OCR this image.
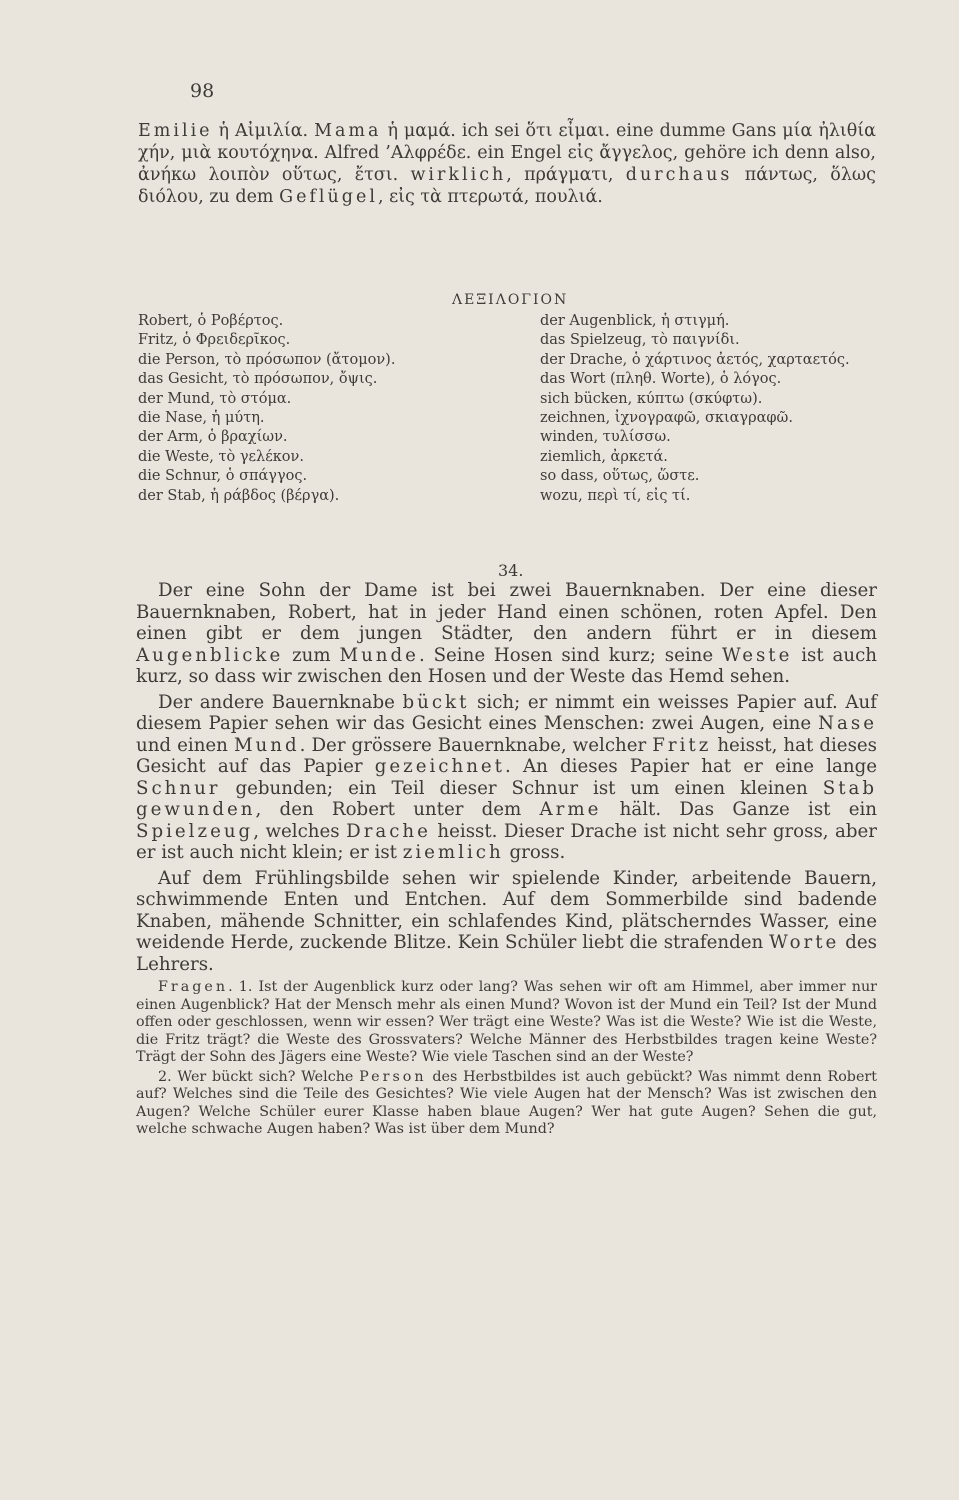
98

Emilie ἡ Αἰμιλία. Mama ἡ μαμά. ich sei ὅτι εἶμαι. eine dumme Gans μία ἠλιθία χήν, μιὰ κουτόχηνα. Alfred ’Αλφρέδε. ein Engel εἰς ἄγγελος, gehöre ich denn also, ἀνήκω λοιπὸν οὕτως, ἔτσι. wirklich, πράγματι, durchaus πάντως, ὅλως διόλου, zu dem Geflügel, εἰς τὰ πτερωτά, πουλιά.

ΛΕΞΙΛΟΓΙΟΝ
Robert, ὁ Ροβέρτος.
Fritz, ὁ Φρειδερῖκος.
die Person, τὸ πρόσωπον (ἄτομον).
das Gesicht, τὸ πρόσωπον, ὄψις.
der Mund, τὸ στόμα.
die Nase, ἡ μύτη.
der Arm, ὁ βραχίων.
die Weste, τὸ γελέκον.
die Schnur, ὁ σπάγγος.
der Stab, ἡ ράβδος (βέργα).
der Augenblick, ἡ στιγμή.
das Spielzeug, τὸ παιγνίδι.
der Drache, ὁ χάρτινος ἀετός, χαρταετός.
das Wort (πληθ. Worte), ὁ λόγος.
sich bücken, κύπτω (σκύφτω).
zeichnen, ἰχνογραφῶ, σκιαγραφῶ.
winden, τυλίσσω.
ziemlich, ἀρκετά.
so dass, οὕτως, ὥστε.
wozu, περὶ τί, εἰς τί.
34.

Der eine Sohn der Dame ist bei zwei Bauernknaben. Der eine dieser Bauernknaben, Robert, hat in jeder Hand einen schönen, roten Apfel. Den einen gibt er dem jungen Städter, den andern führt er in diesem Augenblicke zum Munde. Seine Hosen sind kurz; seine Weste ist auch kurz, so dass wir zwischen den Hosen und der Weste das Hemd sehen.

Der andere Bauernknabe bückt sich; er nimmt ein weisses Papier auf. Auf diesem Papier sehen wir das Gesicht eines Menschen: zwei Augen, eine Nase und einen Mund. Der grössere Bauernknabe, welcher Fritz heisst, hat dieses Gesicht auf das Papier gezeichnet. An dieses Papier hat er eine lange Schnur gebunden; ein Teil dieser Schnur ist um einen kleinen Stab gewunden, den Robert unter dem Arme hält. Das Ganze ist ein Spielzeug, welches Drache heisst. Dieser Drache ist nicht sehr gross, aber er ist auch nicht klein; er ist ziemlich gross.

Auf dem Frühlingsbilde sehen wir spielende Kinder, arbeitende Bauern, schwimmende Enten und Entchen. Auf dem Sommerbilde sind badende Knaben, mähende Schnitter, ein schlafendes Kind, plätscherndes Wasser, eine weidende Herde, zuckende Blitze. Kein Schüler liebt die strafenden Worte des Lehrers.

Fragen. 1. Ist der Augenblick kurz oder lang? Was sehen wir oft am Himmel, aber immer nur einen Augenblick? Hat der Mensch mehr als einen Mund? Wovon ist der Mund ein Teil? Ist der Mund offen oder geschlossen, wenn wir essen? Wer trägt eine Weste? Was ist die Weste? Wie ist die Weste, die Fritz trägt? die Weste des Grossvaters? Welche Männer des Herbstbildes tragen keine Weste? Trägt der Sohn des Jägers eine Weste? Wie viele Taschen sind an der Weste?

2. Wer bückt sich? Welche Person des Herbstbildes ist auch gebückt? Was nimmt denn Robert auf? Welches sind die Teile des Gesichtes? Wie viele Augen hat der Mensch? Was ist zwischen den Augen? Welche Schüler eurer Klasse haben blaue Augen? Wer hat gute Augen? Sehen die gut, welche schwache Augen haben? Was ist über dem Mund?
